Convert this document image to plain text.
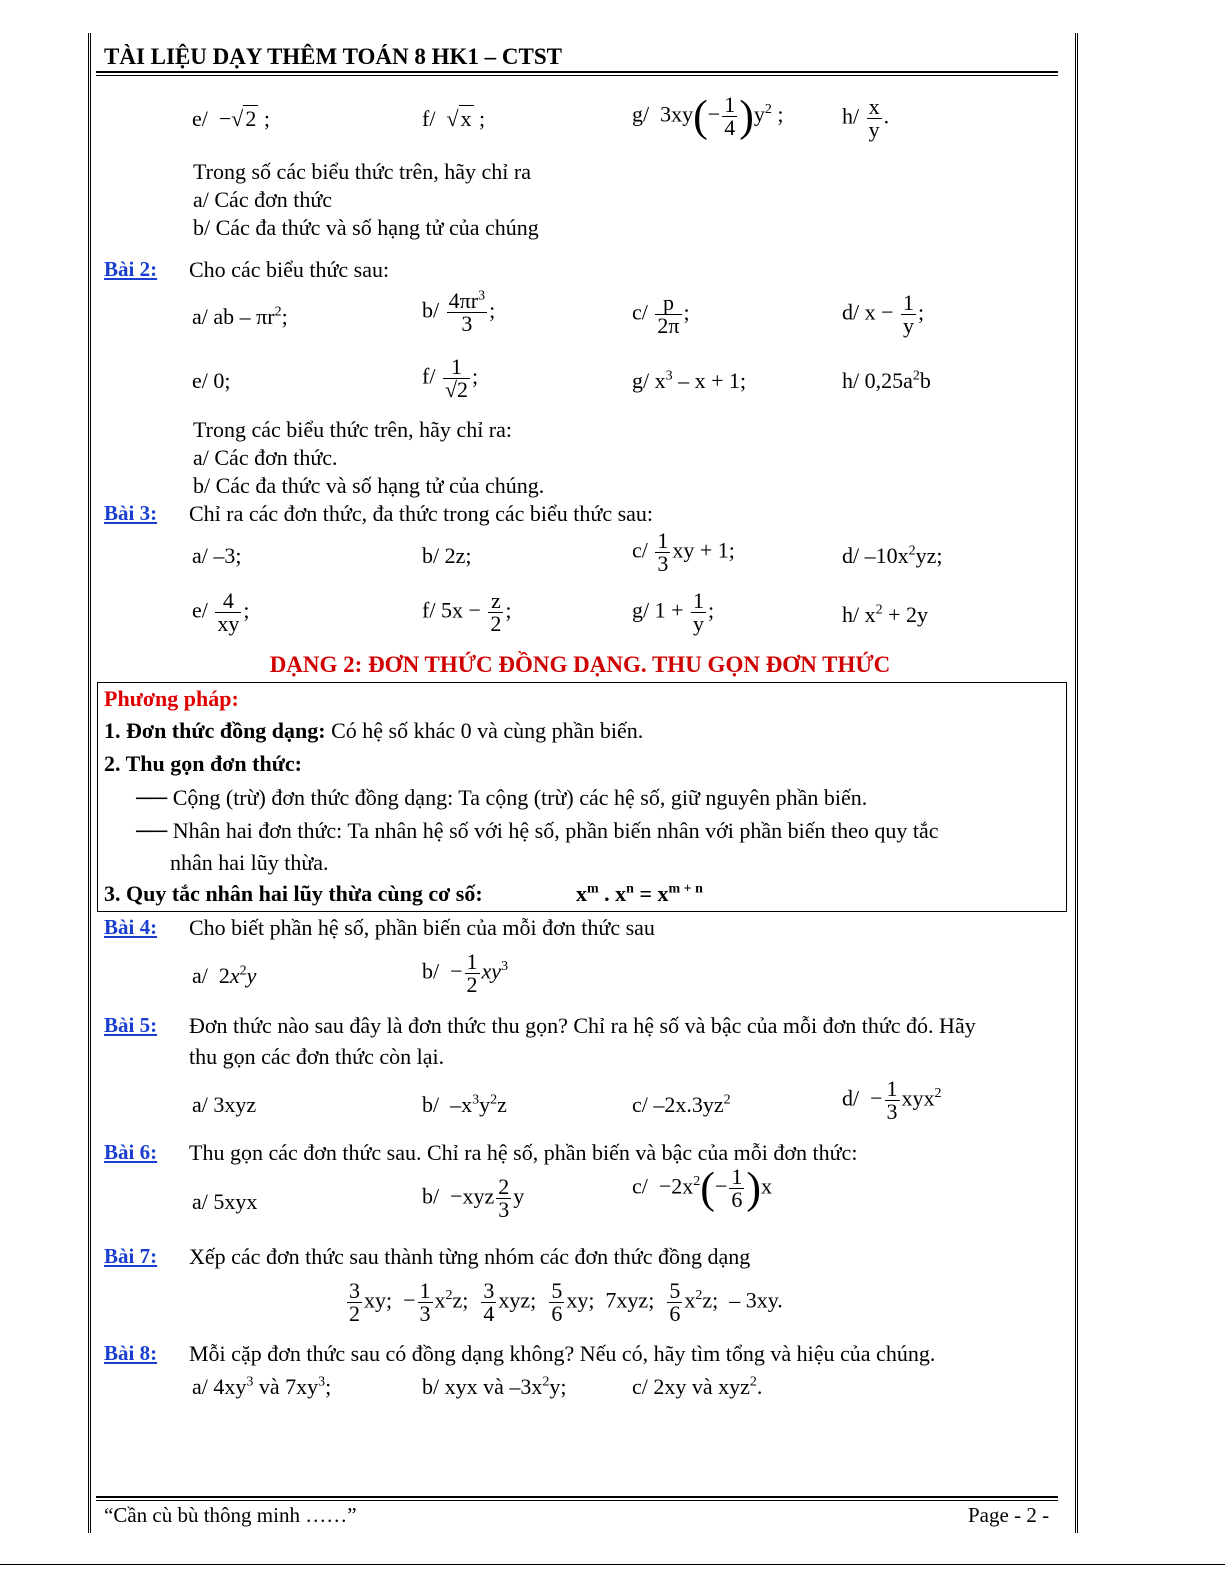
TÀI LIỆU DẠY THÊM TOÁN 8 HK1 – CTST
e/  −√2 ;	f/  √x ;	g/  $3xy(- \frac{1}{4} )y^2$ ;	$h/ \frac{x}{y}$ .
Trong số các biểu thức trên, hãy chỉ ra
a/ Các đơn thức
b/ Các đa thức và số hạng tử của chúng
Bài 2: Cho các biểu thức sau:
a/ ab – $\pi r^2$;	$b/ \frac{4\pi r^3}{3}$ ;	$c/ \frac{p}{2\pi}$ ;	d/ $x - \frac{1}{y}$ ;
e/ 0;	$f/ \frac{1}{√2}$ ;	g/ $x^3 - x + 1$;	h/ $0,25a^2b$
Trong các biểu thức trên, hãy chỉ ra:
a/ Các đơn thức.
b/ Các đa thức và số hạng tử của chúng.
Bài 3: Chỉ ra các đơn thức, đa thức trong các biểu thức sau:
a/ –3;	b/ 2z;	$c/ \frac{1}{3}$ xy + 1;	d/ $-10x^2yz$;
$e/ \frac{4}{xy}$ ;	f/ $5x - \frac{z}{2}$ ;	g/ $1 + \frac{1}{y}$ ;	h/ $x^2 + 2y$
DẠNG 2: ĐƠN THỨC ĐỒNG DẠNG. THU GỌN ĐƠN THỨC
Phương pháp:
1. Đơn thức đồng dạng: Có hệ số khác 0 và cùng phần biến.
2. Thu gọn đơn thức:
── Cộng (trừ) đơn thức đồng dạng: Ta cộng (trừ) các hệ số, giữ nguyên phần biến.
── Nhân hai đơn thức: Ta nhân hệ số với hệ số, phần biến nhân với phần biến theo quy tắc
nhân hai lũy thừa.
3. Quy tắc nhân hai lũy thừa cùng cơ số:	$x^m$ . $x^n = x^{m + n}$
Bài 4: Cho biết phần hệ số, phần biến của mỗi đơn thức sau
a/  $2x^2y$	$b/ - \frac{1}{2} xy^3$
Bài 5: Đơn thức nào sau đây là đơn thức thu gọn? Chỉ ra hệ số và bậc của mỗi đơn thức đó. Hãy
thu gọn các đơn thức còn lại.
a/ 3xyz	b/  $-x^3y^2z$	c/ $-2x.3yz^2$	$d/ - \frac{1}{3} xyx^2$
Bài 6: Thu gọn các đơn thức sau. Chỉ ra hệ số, phần biến và bậc của mỗi đơn thức:
a/ 5xyx	$b/ -xyz \frac{2}{3}$ y	$c/ -2x^2(- \frac{1}{6} )x$
Bài 7: Xếp các đơn thức sau thành từng nhóm các đơn thức đồng dạng
$\frac{3}{2}$ xy;  − $\frac{1}{3} x^2z$; $\frac{3}{4}$ xyz; $\frac{5}{6}$ xy;  7xyz; $\frac{5}{6} x^2z$;  – 3xy.
Bài 8: Mỗi cặp đơn thức sau có đồng dạng không? Nếu có, hãy tìm tổng và hiệu của chúng.
a/ $4xy^3$ và $7xy^3$;	b/ xyx và $-3x^2y$;	c/ 2xy và xyz$^2$.
“Cần cù bù thông minh ……”	Page - 2 -
